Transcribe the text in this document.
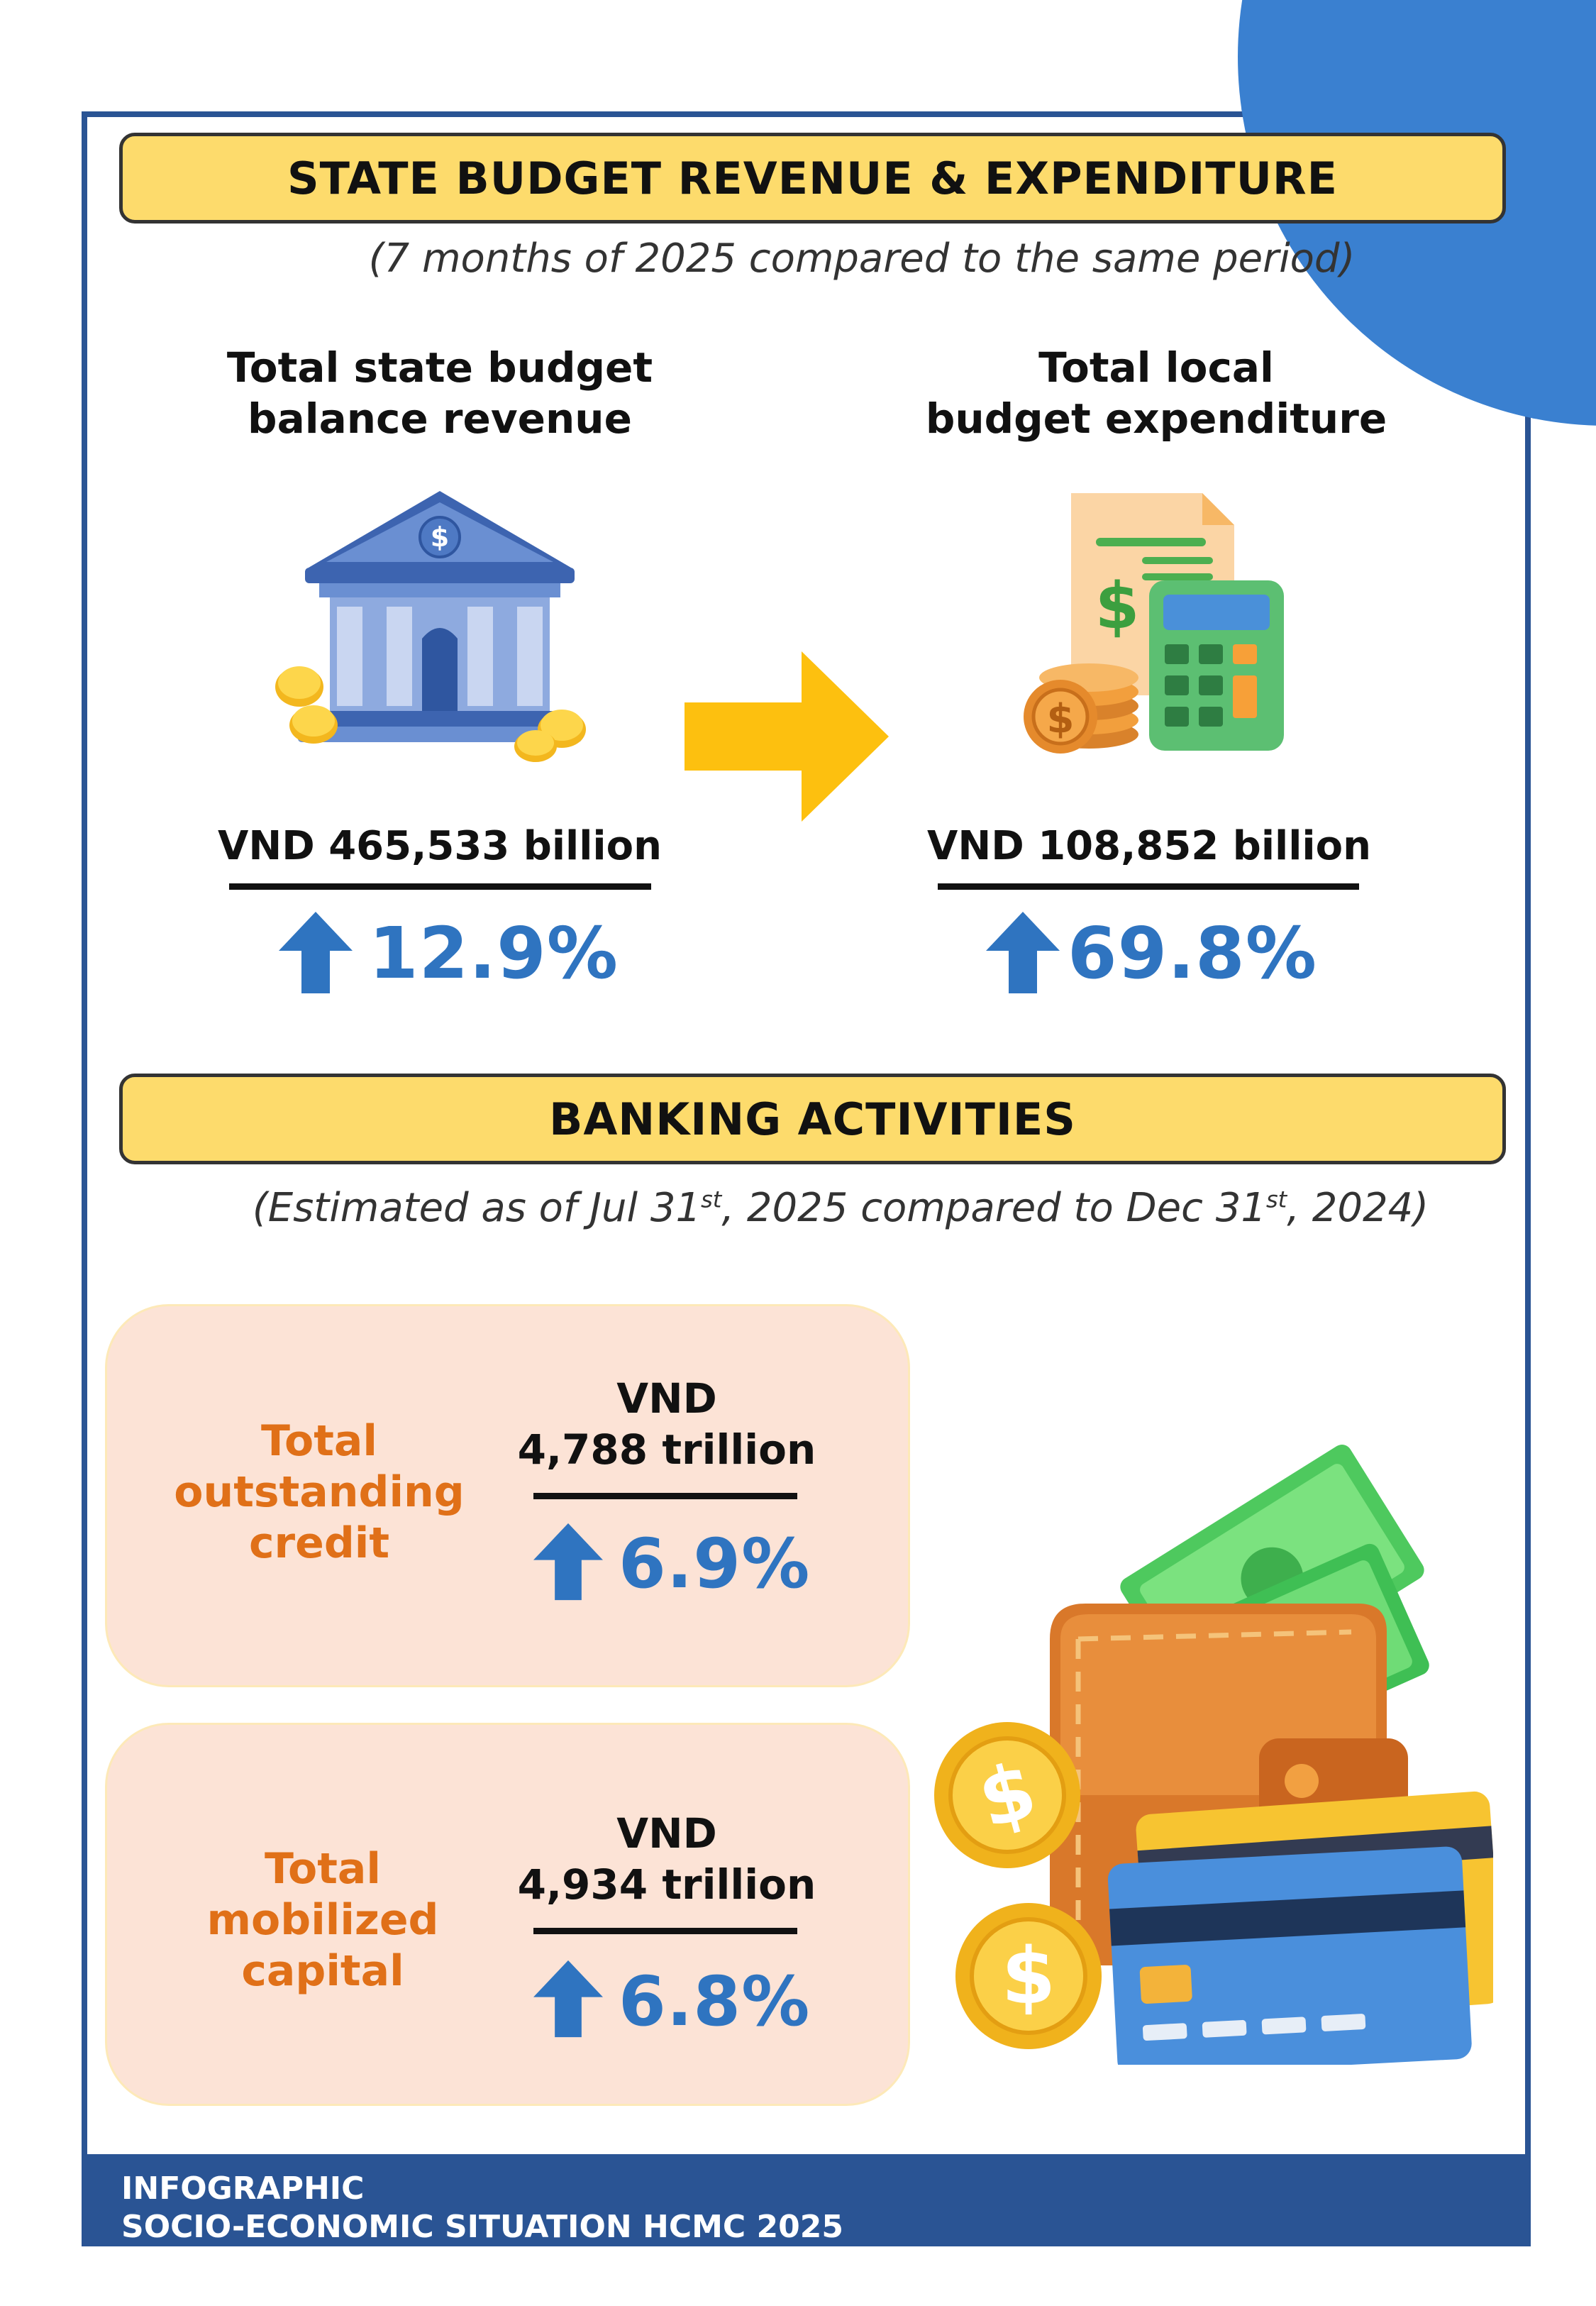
STATE BUDGET REVENUE & EXPENDITURE
(7 months of 2025 compared to the same period)
Total state budget
balance revenue
Total local
budget expenditure
$
$
$
VND 465,533 billion	VND 108,852 billion
12.9%	69.8%
BANKING ACTIVITIES
(Estimated as of Jul 31st, 2025 compared to Dec 31st, 2024)
Total
outstanding
credit
VND
4,788 trillion
6.9%
Total
mobilized
capital
VND
4,934 trillion
6.8%
$
$
INFOGRAPHIC
SOCIO-ECONOMIC SITUATION HCMC 2025
